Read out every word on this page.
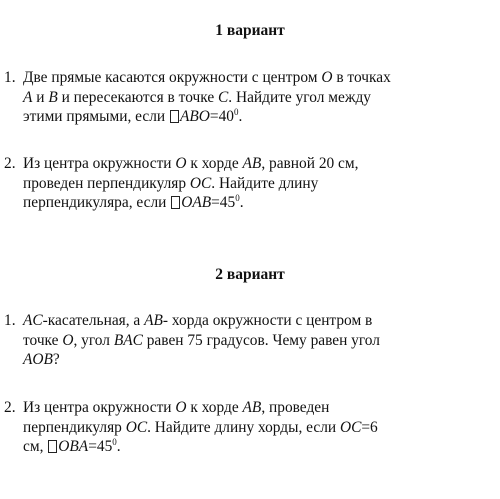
1 вариант
1. Две прямые касаются окружности с центром O в точках
A и B и пересекаются в точке C. Найдите угол между
этими прямыми, если $ABO=40^0$.
2. Из центра окружности O к хорде AB, равной 20 см,
проведен перпендикуляр OC. Найдите длину
перпендикуляра, если $OAB=45^0$.
2 вариант
1. AC-касательная, а AB- хорда окружности с центром в
точке O, угол BAC равен 75 градусов. Чему равен угол
AOB?
2. Из центра окружности O к хорде AB, проведен
перпендикуляр OC. Найдите длину хорды, если OC=6
см, $OBA=45^0$.
